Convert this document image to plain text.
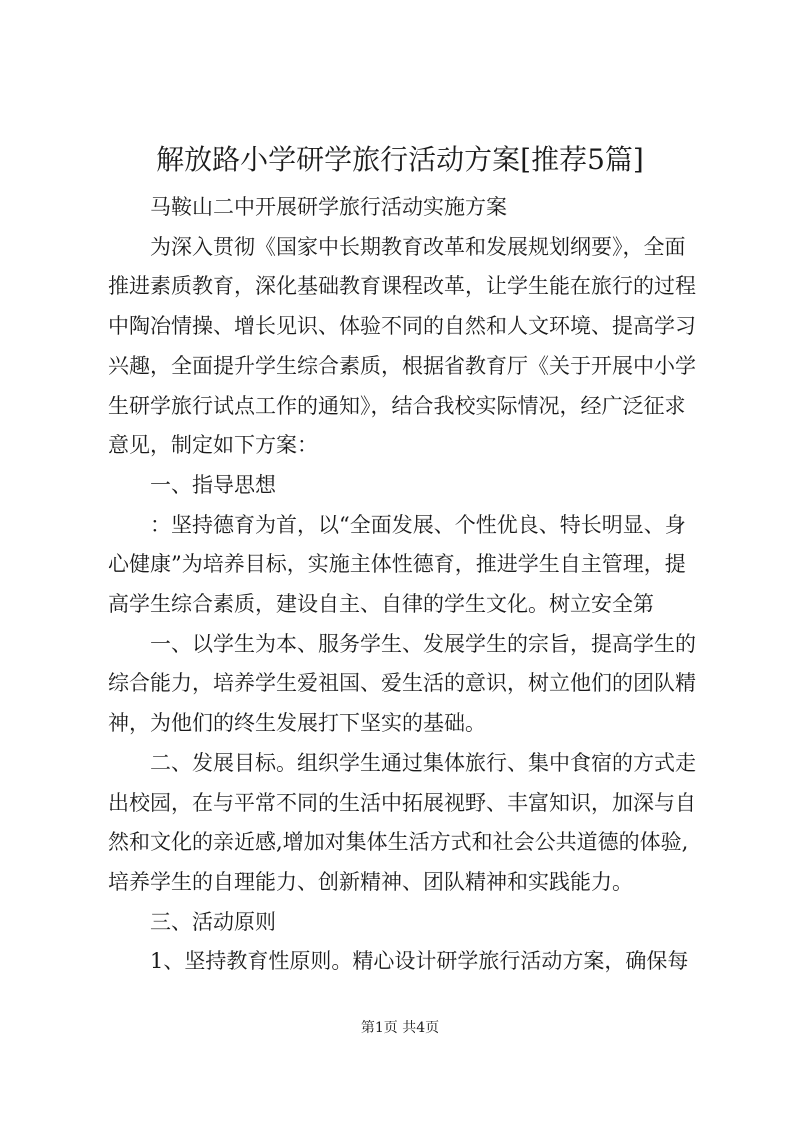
解放路小学研学旅行活动方案[推荐5篇]
马鞍山二中开展研学旅行活动实施方案
为深入贯彻《国家中长期教育改革和发展规划纲要》，全面
推进素质教育，深化基础教育课程改革，让学生能在旅行的过程
中陶冶情操、增长见识、体验不同的自然和人文环境、提高学习
兴趣，全面提升学生综合素质，根据省教育厅《关于开展中小学
生研学旅行试点工作的通知》，结合我校实际情况，经广泛征求
意见，制定如下方案：
一、指导思想
：坚持德育为首，以“全面发展、个性优良、特长明显、身
心健康”为培养目标，实施主体性德育，推进学生自主管理，提
高学生综合素质，建设自主、自律的学生文化。树立安全第
一、以学生为本、服务学生、发展学生的宗旨，提高学生的
综合能力，培养学生爱祖国、爱生活的意识，树立他们的团队精
神，为他们的终生发展打下坚实的基础。
二、发展目标。组织学生通过集体旅行、集中食宿的方式走
出校园，在与平常不同的生活中拓展视野、丰富知识，加深与自
然和文化的亲近感,增加对集体生活方式和社会公共道德的体验,
培养学生的自理能力、创新精神、团队精神和实践能力。
三、活动原则
1、坚持教育性原则。精心设计研学旅行活动方案，确保每
第1页 共4页
